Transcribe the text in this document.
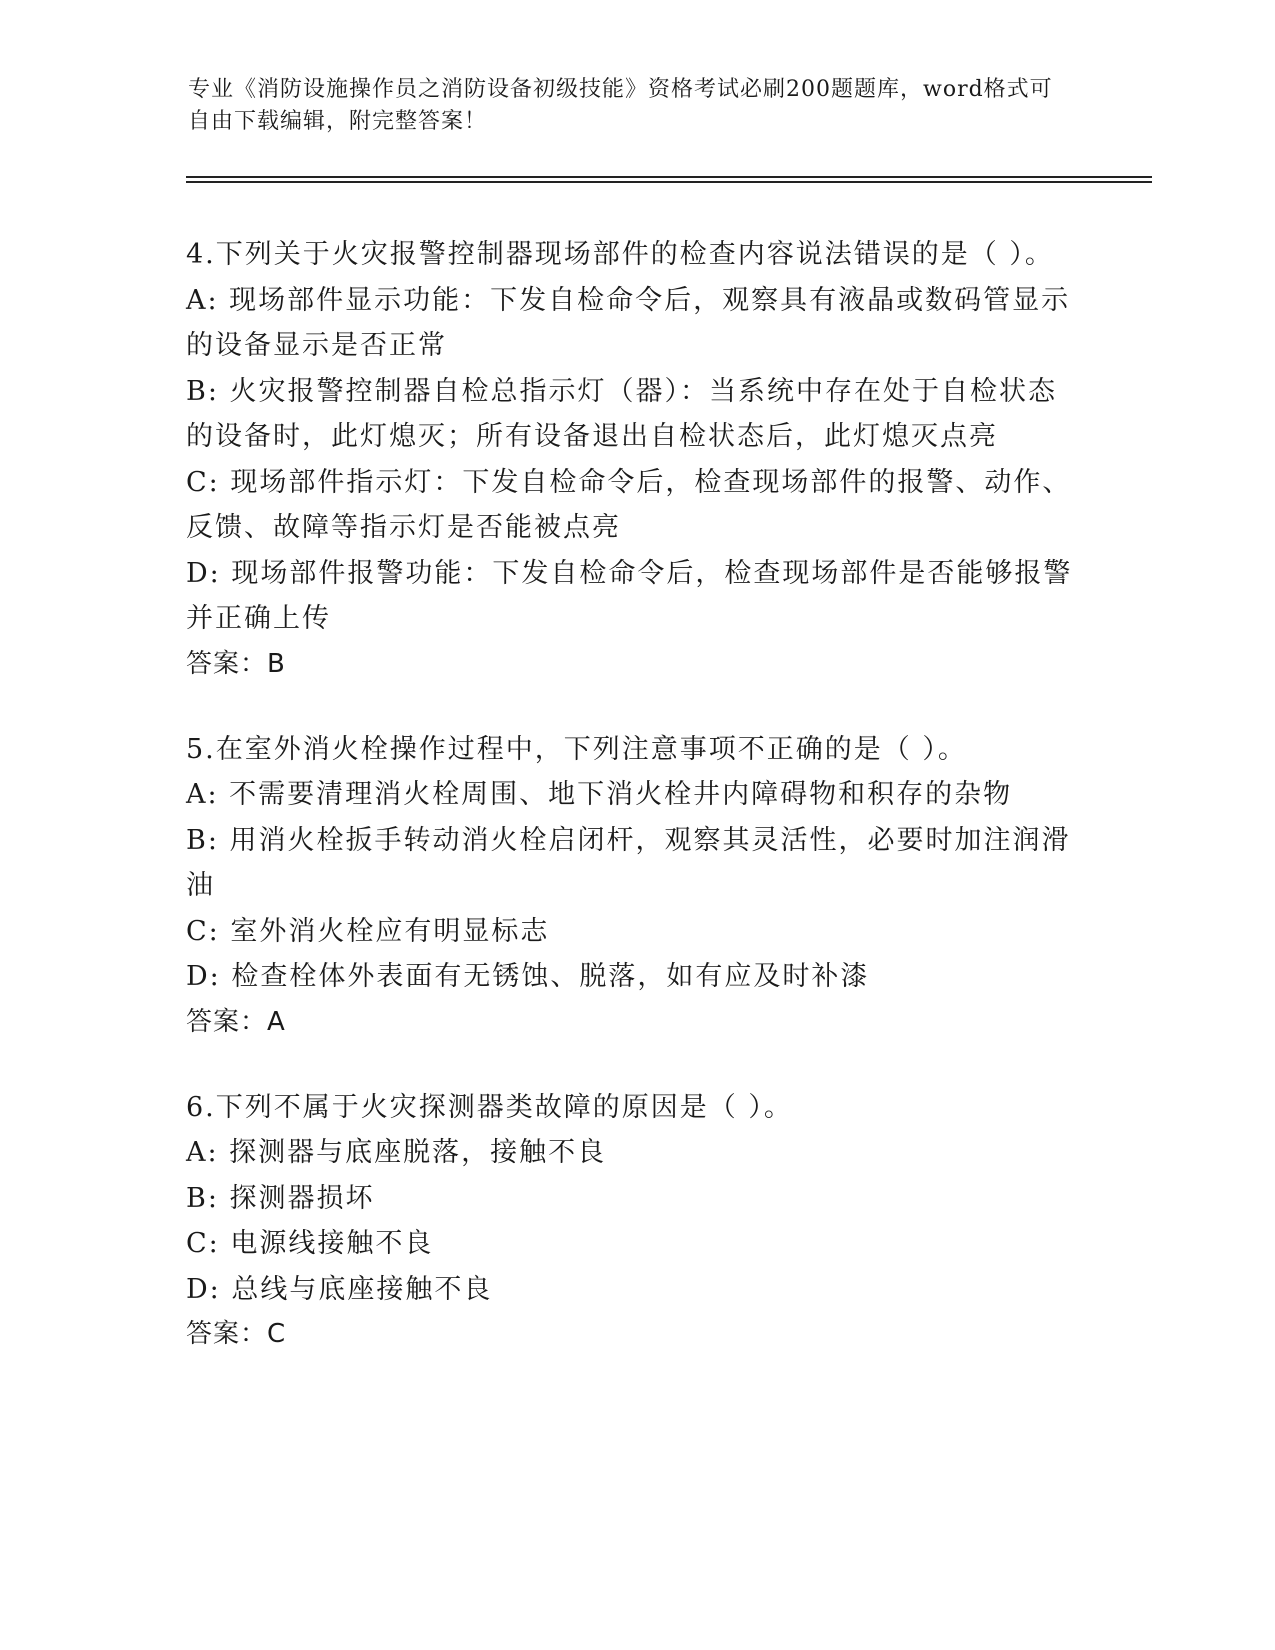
专业《消防设施操作员之消防设备初级技能》资格考试必刷200题题库，word格式可自由下载编辑，附完整答案！

4.下列关于火灾报警控制器现场部件的检查内容说法错误的是（ ）。

A: 现场部件显示功能：下发自检命令后，观察具有液晶或数码管显示的设备显示是否正常

B: 火灾报警控制器自检总指示灯（器）：当系统中存在处于自检状态的设备时，此灯熄灭；所有设备退出自检状态后，此灯熄灭点亮

C: 现场部件指示灯：下发自检命令后，检查现场部件的报警、动作、反馈、故障等指示灯是否能被点亮

D: 现场部件报警功能：下发自检命令后，检查现场部件是否能够报警并正确上传

答案：B

5.在室外消火栓操作过程中，下列注意事项不正确的是（ ）。

A: 不需要清理消火栓周围、地下消火栓井内障碍物和积存的杂物

B: 用消火栓扳手转动消火栓启闭杆，观察其灵活性，必要时加注润滑油

C: 室外消火栓应有明显标志

D: 检查栓体外表面有无锈蚀、脱落，如有应及时补漆

答案：A

6.下列不属于火灾探测器类故障的原因是（ ）。

A: 探测器与底座脱落，接触不良

B: 探测器损坏

C: 电源线接触不良

D: 总线与底座接触不良

答案：C
